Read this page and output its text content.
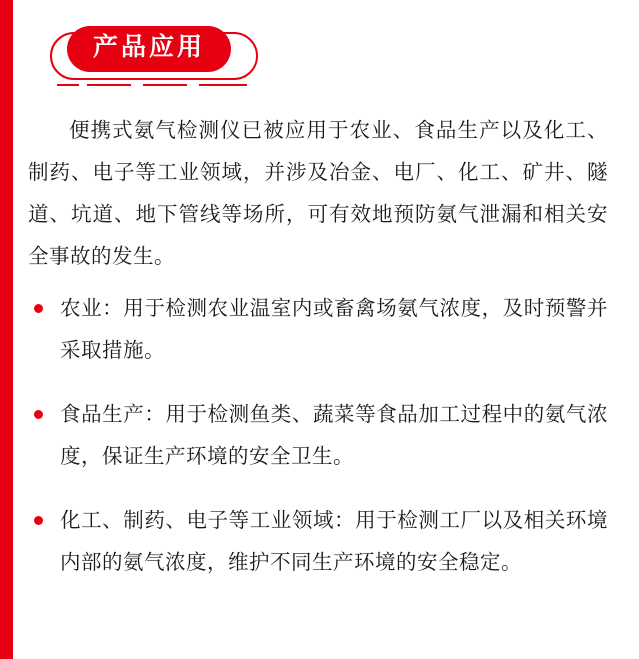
产品应用

便携式氨气检测仪已被应用于农业、食品生产以及化工、制药、电子等工业领域，并涉及冶金、电厂、化工、矿井、隧道、坑道、地下管线等场所，可有效地预防氨气泄漏和相关安全事故的发生。

农业：用于检测农业温室内或畜禽场氨气浓度，及时预警并采取措施。
食品生产：用于检测鱼类、蔬菜等食品加工过程中的氨气浓度，保证生产环境的安全卫生。
化工、制药、电子等工业领域：用于检测工厂以及相关环境内部的氨气浓度，维护不同生产环境的安全稳定。
